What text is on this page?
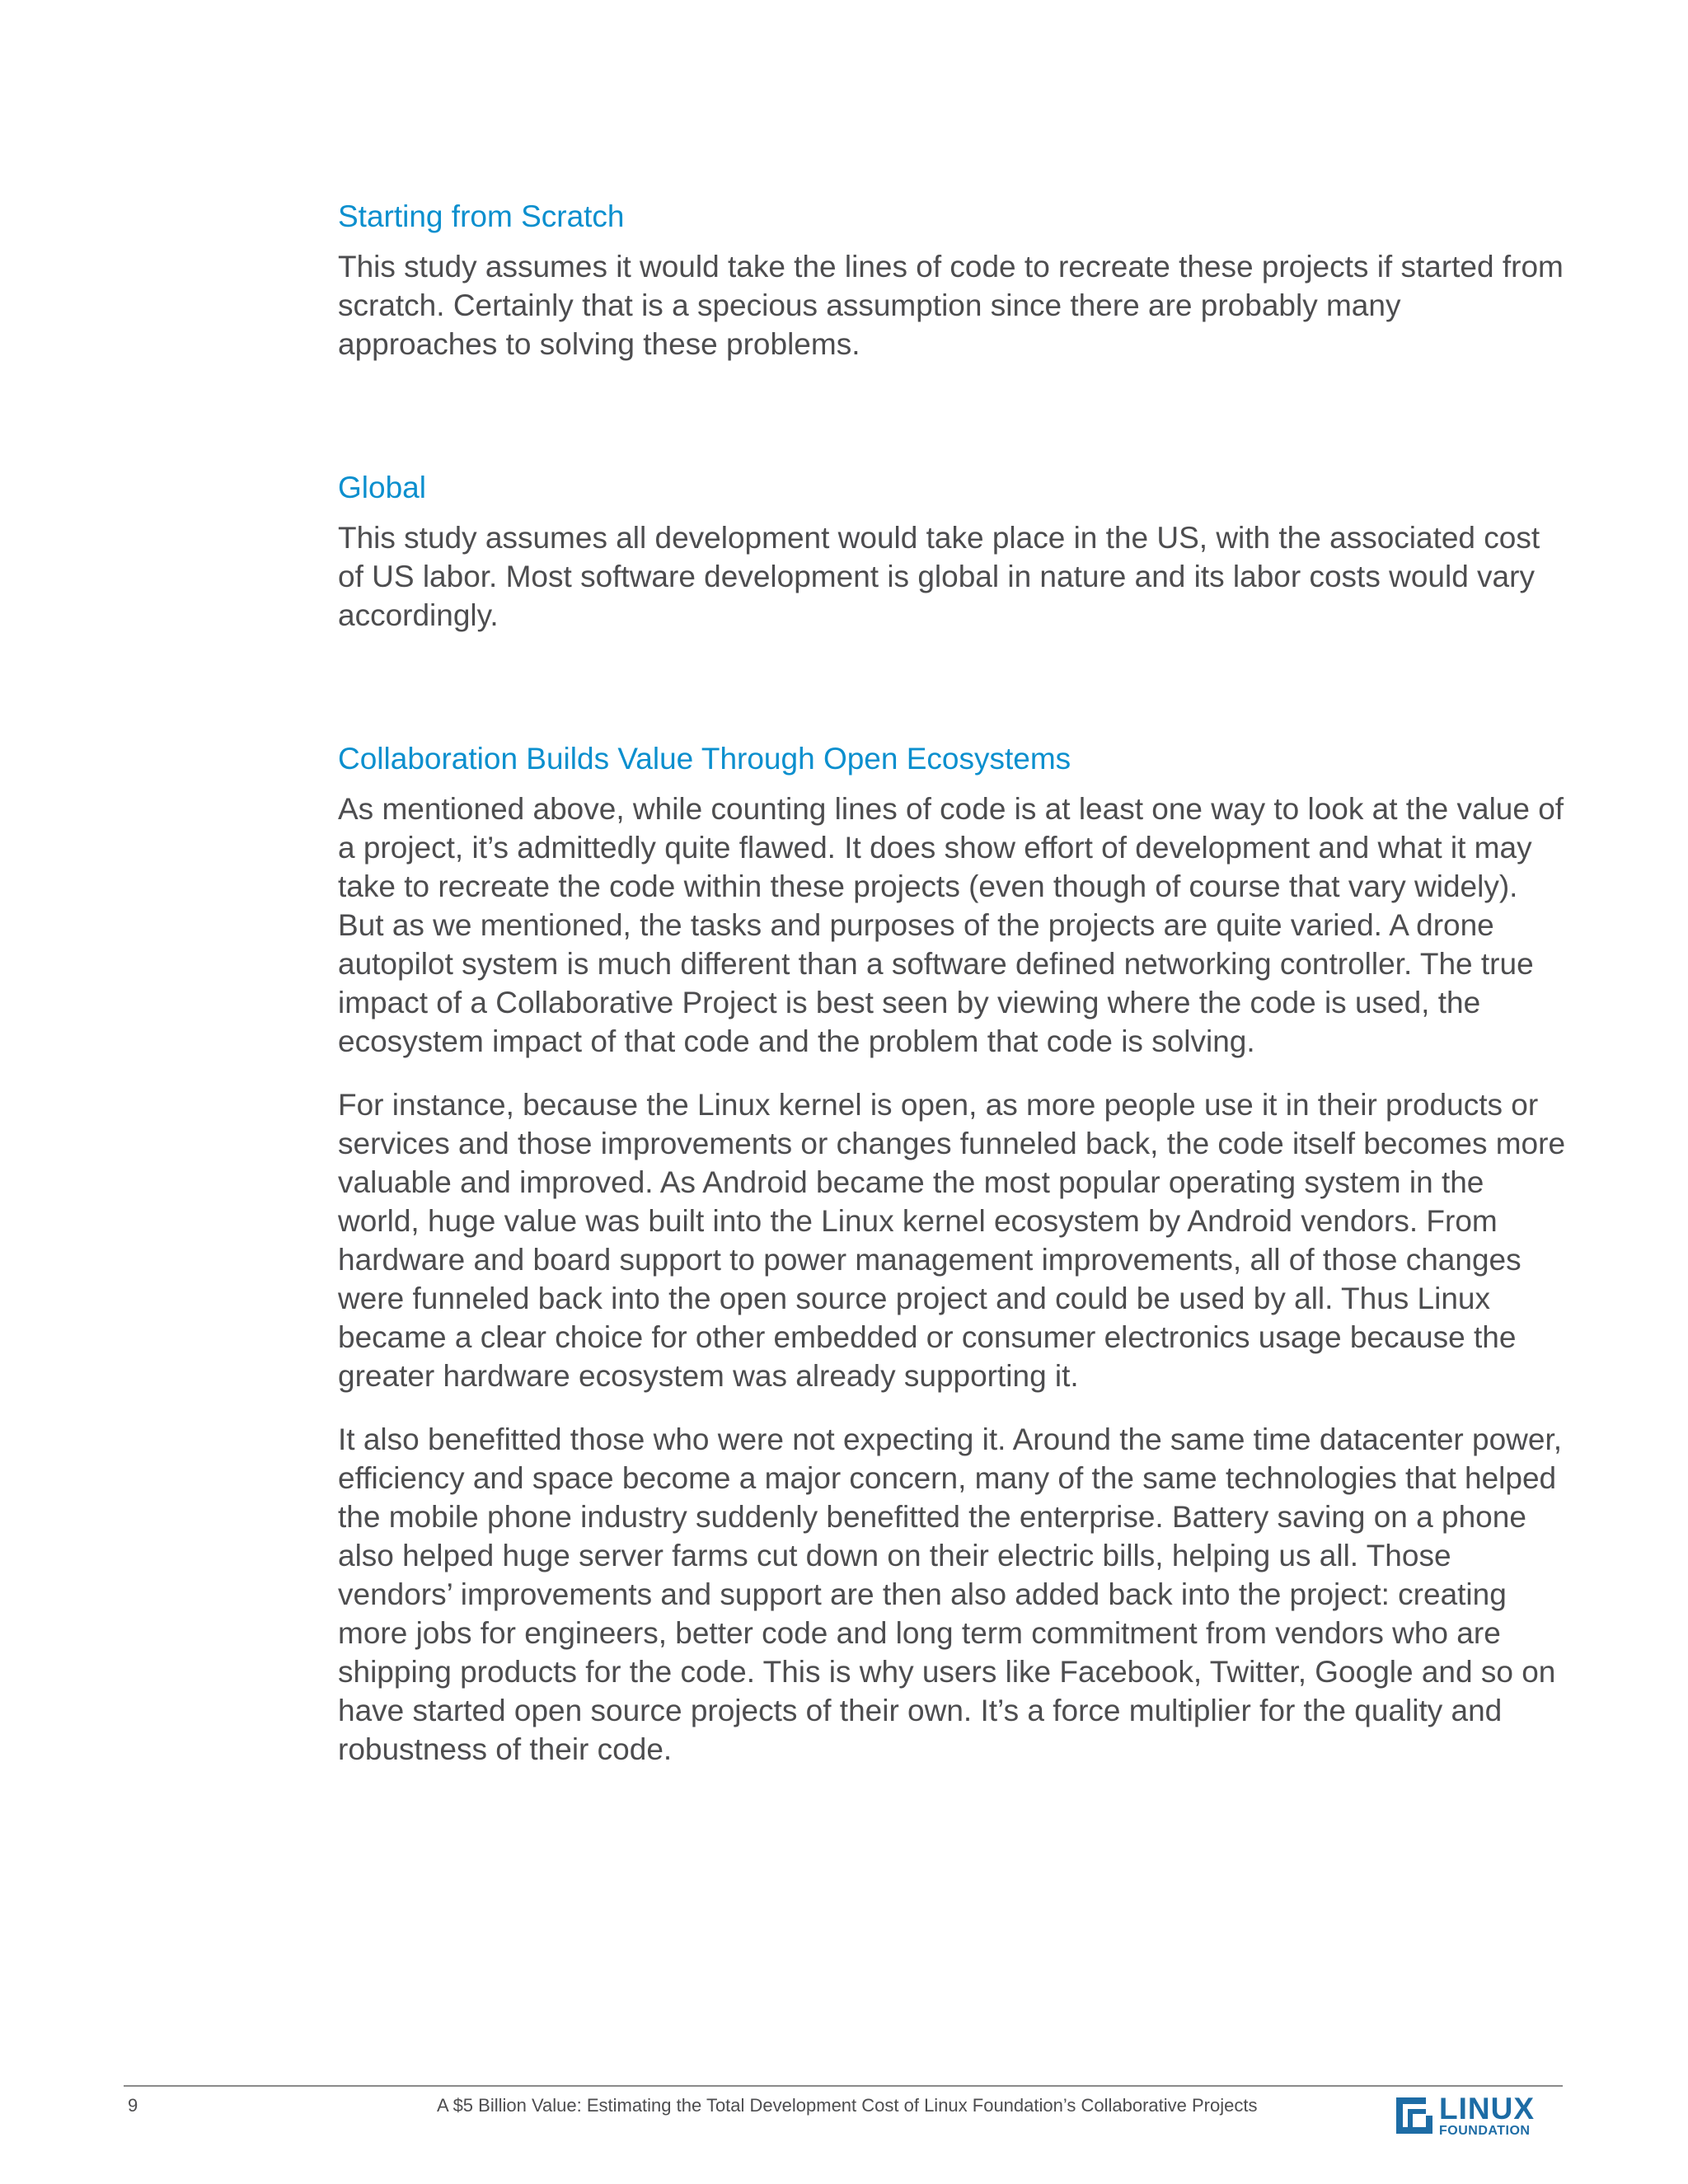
Starting from Scratch

This study assumes it would take the lines of code to recreate these projects if started from scratch. Certainly that is a specious assumption since there are probably many approaches to solving these problems.

Global

This study assumes all development would take place in the US, with the associated cost of US labor. Most software development is global in nature and its labor costs would vary accordingly.

Collaboration Builds Value Through Open Ecosystems

As mentioned above, while counting lines of code is at least one way to look at the value of a project, it’s admittedly quite flawed. It does show effort of development and what it may take to recreate the code within these projects (even though of course that vary widely). But as we mentioned, the tasks and purposes of the projects are quite varied. A drone autopilot system is much different than a software defined networking controller. The true impact of a Collaborative Project is best seen by viewing where the code is used, the ecosystem impact of that code and the problem that code is solving.

For instance, because the Linux kernel is open, as more people use it in their products or services and those improvements or changes funneled back, the code itself becomes more valuable and improved. As Android became the most popular operating system in the world, huge value was built into the Linux kernel ecosystem by Android vendors. From hardware and board support to power management improvements, all of those changes were funneled back into the open source project and could be used by all. Thus Linux became a clear choice for other embedded or consumer electronics usage because the greater hardware ecosystem was already supporting it.

It also benefitted those who were not expecting it. Around the same time datacenter power, efficiency and space become a major concern, many of the same technologies that helped the mobile phone industry suddenly benefitted the enterprise. Battery saving on a phone also helped huge server farms cut down on their electric bills, helping us all. Those vendors’ improvements and support are then also added back into the project: creating more jobs for engineers, better code and long term commitment from vendors who are shipping products for the code. This is why users like Facebook, Twitter, Google and so on have started open source projects of their own. It’s a force multiplier for the quality and robustness of their code.

9	A $5 Billion Value: Estimating the Total Development Cost of Linux Foundation’s Collaborative Projects	LINUX
FOUNDATION
